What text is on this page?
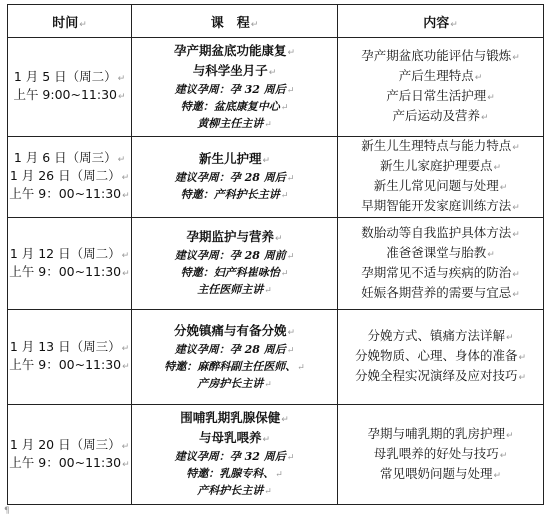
时间↵	课　程↵	内容↵

1 月 5 日（周二）↵
上午 9:00~11:30↵	孕产期盆底功能康复↵
与科学坐月子↵
建议孕周：孕 32 周后↵
特邀：盆底康复中心↵
黄柳主任主讲↵	孕产期盆底功能评估与锻炼↵
产后生理特点↵
产后日常生活护理↵
产后运动及营养↵

1 月 6 日（周三）↵
1 月 26 日（周二）↵
上午 9：00~11:30↵	新生儿护理↵
建议孕周：孕 28 周后↵
特邀：产科护长主讲↵	新生儿生理特点与能力特点↵
新生儿家庭护理要点↵
新生儿常见问题与处理↵
早期智能开发家庭训练方法↵

1 月 12 日（周二）↵
上午 9：00~11:30↵	孕期监护与营养↵
建议孕周：孕 28 周前↵
特邀：妇产科崔咏怡↵
主任医师主讲↵	数胎动等自我监护具体方法↵
准爸爸课堂与胎教↵
孕期常见不适与疾病的防治↵
妊娠各期营养的需要与宜忌↵

1 月 13 日（周三）↵
上午 9：00~11:30↵	分娩镇痛与有备分娩↵
建议孕周：孕 28 周后↵
特邀：麻醉科副主任医师、↵
产房护长主讲↵	分娩方式、镇痛方法详解↵
分娩物质、心理、身体的准备↵
分娩全程实况演绎及应对技巧↵

1 月 20 日（周三）↵
上午 9：00~11:30↵	围哺乳期乳腺保健↵
与母乳喂养↵
建议孕周：孕 32 周后↵
特邀：乳腺专科、↵
产科护长主讲↵	孕期与哺乳期的乳房护理↵
母乳喂养的好处与技巧↵
常见喂奶问题与处理↵
¶
